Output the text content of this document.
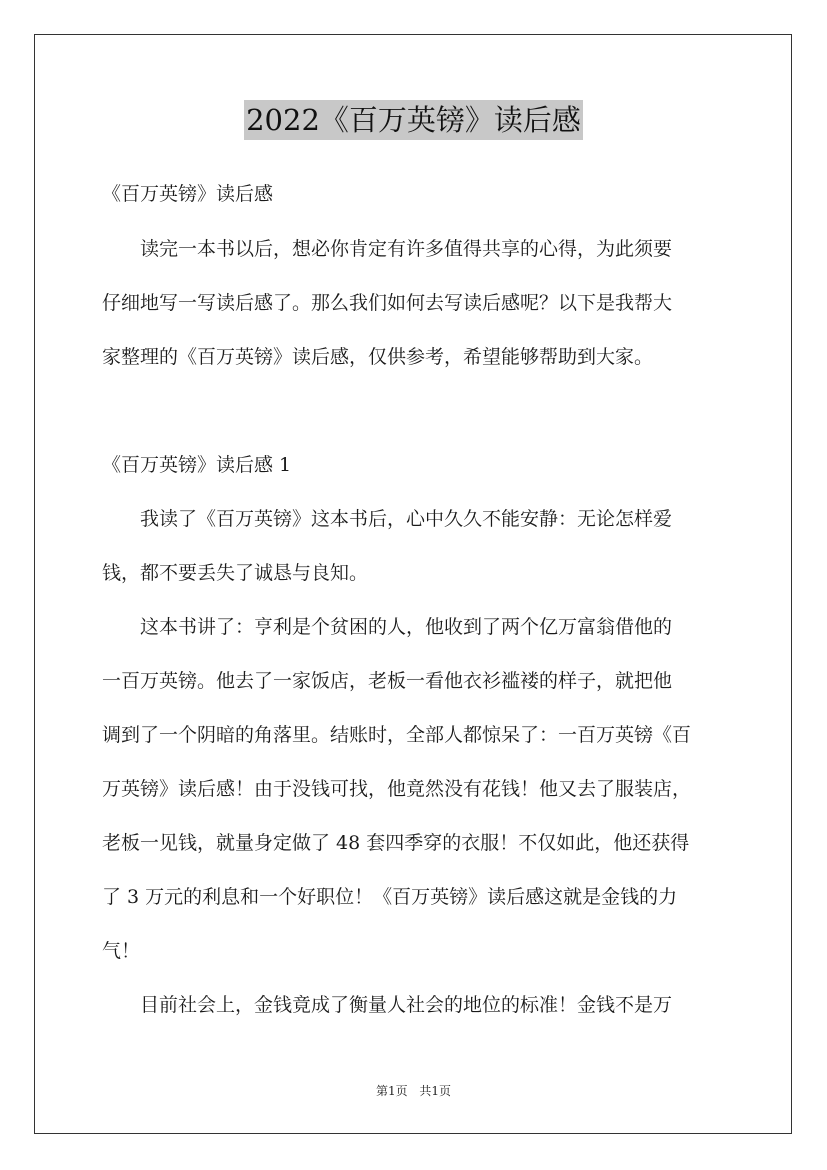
2022《百万英镑》读后感
《百万英镑》读后感
　　读完一本书以后，想必你肯定有许多值得共享的心得，为此须要
仔细地写一写读后感了。那么我们如何去写读后感呢？以下是我帮大
家整理的《百万英镑》读后感，仅供参考，希望能够帮助到大家。
《百万英镑》读后感 1
　　我读了《百万英镑》这本书后，心中久久不能安静：无论怎样爱
钱，都不要丢失了诚恳与良知。
　　这本书讲了：亨利是个贫困的人，他收到了两个亿万富翁借他的
一百万英镑。他去了一家饭店，老板一看他衣衫褴褛的样子，就把他
调到了一个阴暗的角落里。结账时，全部人都惊呆了：一百万英镑《百
万英镑》读后感！由于没钱可找，他竟然没有花钱！他又去了服装店，
老板一见钱，就量身定做了 48 套四季穿的衣服！不仅如此，他还获得
了 3 万元的利息和一个好职位！《百万英镑》读后感这就是金钱的力
气！
　　目前社会上，金钱竟成了衡量人社会的地位的标准！金钱不是万
第1页 共1页
